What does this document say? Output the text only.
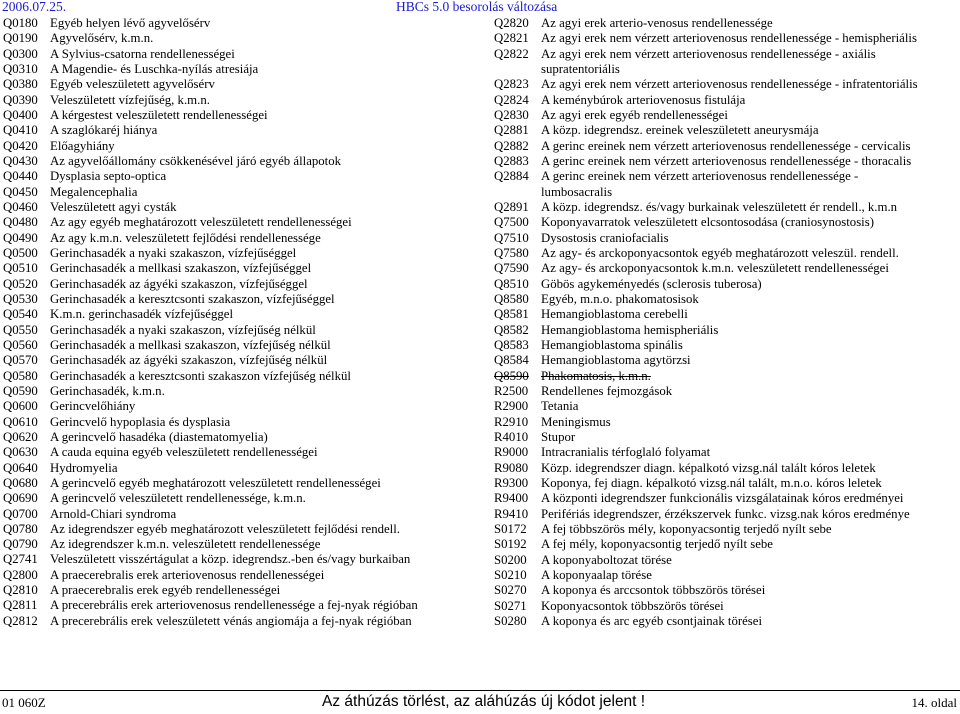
2006.07.25.	HBCs 5.0 besorolás változása
Q0180 Egyéb helyen lévő agyvelősérv
Q0190 Agyvelősérv, k.m.n.
Q0300 A Sylvius-csatorna rendellenességei
Q0310 A Magendie- és Luschka-nyílás atresiája
Q0380 Egyéb veleszületett agyvelősérv
Q0390 Veleszületett vízfejűség, k.m.n.
Q0400 A kérgestest veleszületett rendellenességei
Q0410 A szaglókaréj hiánya
Q0420 Előagyhiány
Q0430 Az agyvelőállomány csökkenésével járó egyéb állapotok
Q0440 Dysplasia septo-optica
Q0450 Megalencephalia
Q0460 Veleszületett agyi cysták
Q0480 Az agy egyéb meghatározott veleszületett rendellenességei
Q0490 Az agy k.m.n. veleszületett fejlődési rendellenessége
Q0500 Gerinchasadék a nyaki szakaszon, vízfejűséggel
Q0510 Gerinchasadék a mellkasi szakaszon, vízfejűséggel
Q0520 Gerinchasadék az ágyéki szakaszon, vízfejűséggel
Q0530 Gerinchasadék a keresztcsonti szakaszon, vízfejűséggel
Q0540 K.m.n. gerinchasadék vízfejűséggel
Q0550 Gerinchasadék a nyaki szakaszon, vízfejűség nélkül
Q0560 Gerinchasadék a mellkasi szakaszon, vízfejűség nélkül
Q0570 Gerinchasadék az ágyéki szakaszon, vízfejűség nélkül
Q0580 Gerinchasadék a keresztcsonti szakaszon vízfejűség nélkül
Q0590 Gerinchasadék, k.m.n.
Q0600 Gerincvelőhiány
Q0610 Gerincvelő hypoplasia és dysplasia
Q0620 A gerincvelő hasadéka (diastematomyelia)
Q0630 A cauda equina egyéb veleszületett rendellenességei
Q0640 Hydromyelia
Q0680 A gerincvelő egyéb meghatározott veleszületett rendellenességei
Q0690 A gerincvelő veleszületett rendellenessége, k.m.n.
Q0700 Arnold-Chiari syndroma
Q0780 Az idegrendszer egyéb meghatározott veleszületett fejlődési rendell.
Q0790 Az idegrendszer k.m.n. veleszületett rendellenessége
Q2741 Veleszületett visszértágulat a közp. idegrendsz.-ben és/vagy burkaiban
Q2800 A praecerebralis erek arteriovenosus rendellenességei
Q2810 A praecerebralis erek egyéb rendellenességei
Q2811 A precerebrális erek arteriovenosus rendellenessége a fej-nyak régióban
Q2812 A precerebrális erek veleszületett vénás angiomája a fej-nyak régióban
Q2820 Az agyi erek arterio-venosus rendellenessége
Q2821 Az agyi erek nem vérzett arteriovenosus rendellenessége - hemispheriális
Q2822 Az agyi erek nem vérzett arteriovenosus rendellenessége - axiális
supratentoriális
Q2823 Az agyi erek nem vérzett arteriovenosus rendellenessége - infratentoriális
Q2824 A keménybúrok arteriovenosus fistulája
Q2830 Az agyi erek egyéb rendellenességei
Q2881 A közp. idegrendsz. ereinek veleszületett aneurysmája
Q2882 A gerinc ereinek nem vérzett arteriovenosus rendellenessége - cervicalis
Q2883 A gerinc ereinek nem vérzett arteriovenosus rendellenessége - thoracalis
Q2884 A gerinc ereinek nem vérzett arteriovenosus rendellenessége -
lumbosacralis
Q2891 A közp. idegrendsz. és/vagy burkainak veleszületett ér rendell., k.m.n
Q7500 Koponyavarratok veleszületett elcsontosodása (craniosynostosis)
Q7510 Dysostosis craniofacialis
Q7580 Az agy- és arckoponyacsontok egyéb meghatározott veleszül. rendell.
Q7590 Az agy- és arckoponyacsontok k.m.n. veleszületett rendellenességei
Q8510 Göbös agykeményedés (sclerosis tuberosa)
Q8580 Egyéb, m.n.o. phakomatosisok
Q8581 Hemangioblastoma cerebelli
Q8582 Hemangioblastoma hemispheriális
Q8583 Hemangioblastoma spinális
Q8584 Hemangioblastoma agytörzsi
Q8590 Phakomatosis, k.m.n.
R2500	Rendellenes fejmozgások
R2900	Tetania
R2910	Meningismus
R4010	Stupor
R9000	Intracranialis térfoglaló folyamat
R9080	Közp. idegrendszer diagn. képalkotó vizsg.nál talált kóros leletek
R9300	Koponya, fej diagn. képalkotó vizsg.nál talált, m.n.o. kóros leletek
R9400	A központi idegrendszer funkcionális vizsgálatainak kóros eredményei
R9410	Perifériás idegrendszer, érzékszervek funkc. vizsg.nak kóros eredménye
S0172	A fej többszörös mély, koponyacsontig terjedő nyílt sebe
S0192	A fej mély, koponyacsontig terjedő nyílt sebe
S0200	A koponyaboltozat törése
S0210	A koponyaalap törése
S0270	A koponya és arccsontok többszörös törései
S0271	Koponyacsontok többszörös törései
S0280	A koponya és arc egyéb csontjainak törései
01 060Z	Az áthúzás törlést, az aláhúzás új kódot jelent !	14. oldal
